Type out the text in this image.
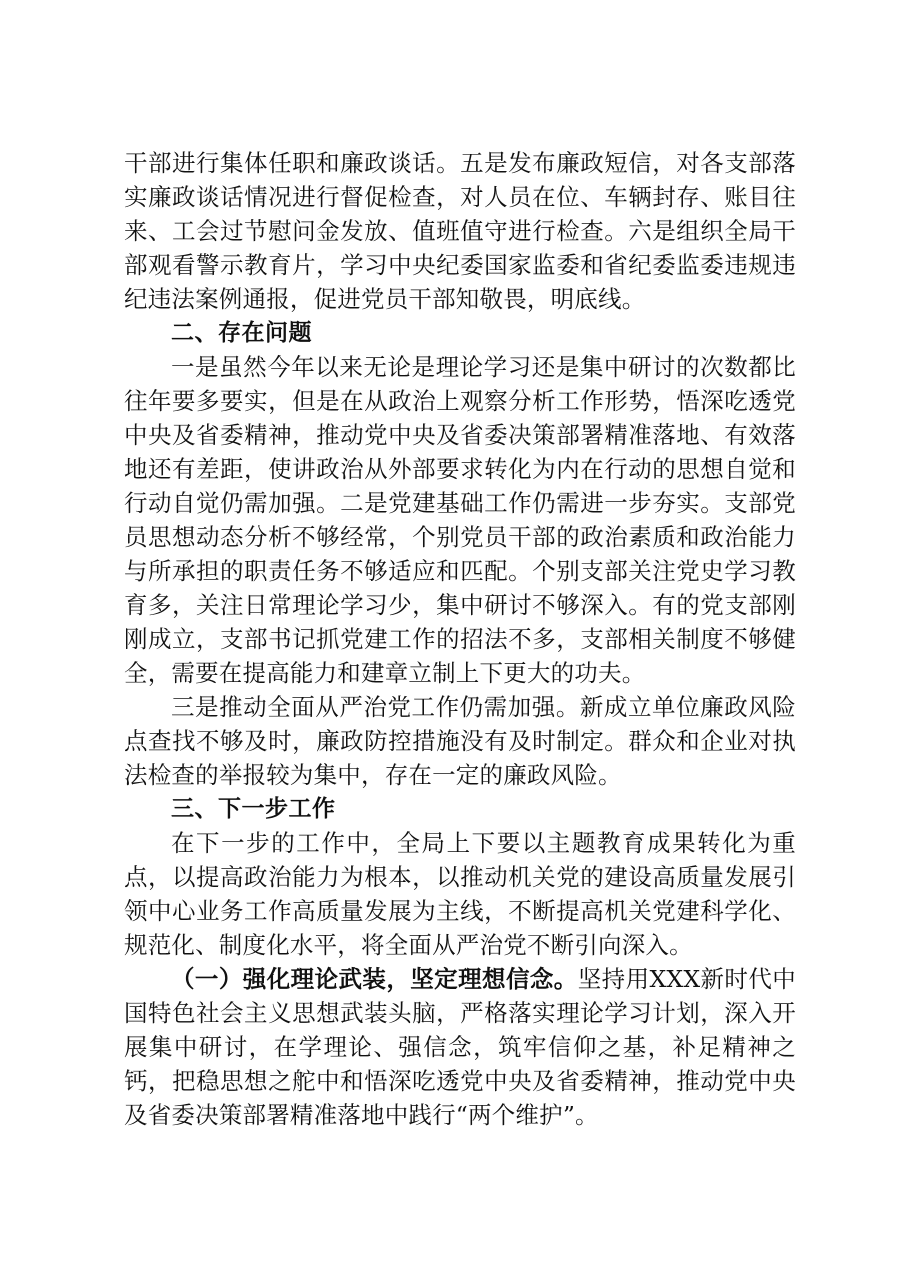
干部进行集体任职和廉政谈话。五是发布廉政短信，对各支部落实廉政谈话情况进行督促检查，对人员在位、车辆封存、账目往来、工会过节慰问金发放、值班值守进行检查。六是组织全局干部观看警示教育片，学习中央纪委国家监委和省纪委监委违规违纪违法案例通报，促进党员干部知敬畏，明底线。

二、存在问题

一是虽然今年以来无论是理论学习还是集中研讨的次数都比往年要多要实，但是在从政治上观察分析工作形势，悟深吃透党中央及省委精神，推动党中央及省委决策部署精准落地、有效落地还有差距，使讲政治从外部要求转化为内在行动的思想自觉和行动自觉仍需加强。二是党建基础工作仍需进一步夯实。支部党员思想动态分析不够经常，个别党员干部的政治素质和政治能力与所承担的职责任务不够适应和匹配。个别支部关注党史学习教育多，关注日常理论学习少，集中研讨不够深入。有的党支部刚刚成立，支部书记抓党建工作的招法不多，支部相关制度不够健全，需要在提高能力和建章立制上下更大的功夫。

三是推动全面从严治党工作仍需加强。新成立单位廉政风险点查找不够及时，廉政防控措施没有及时制定。群众和企业对执法检查的举报较为集中，存在一定的廉政风险。

三、下一步工作

在下一步的工作中，全局上下要以主题教育成果转化为重点，以提高政治能力为根本，以推动机关党的建设高质量发展引领中心业务工作高质量发展为主线，不断提高机关党建科学化、规范化、制度化水平，将全面从严治党不断引向深入。

（一）强化理论武装，坚定理想信念。坚持用XXX新时代中国特色社会主义思想武装头脑，严格落实理论学习计划，深入开展集中研讨，在学理论、强信念，筑牢信仰之基，补足精神之钙，把稳思想之舵中和悟深吃透党中央及省委精神，推动党中央及省委决策部署精准落地中践行“两个维护”。
